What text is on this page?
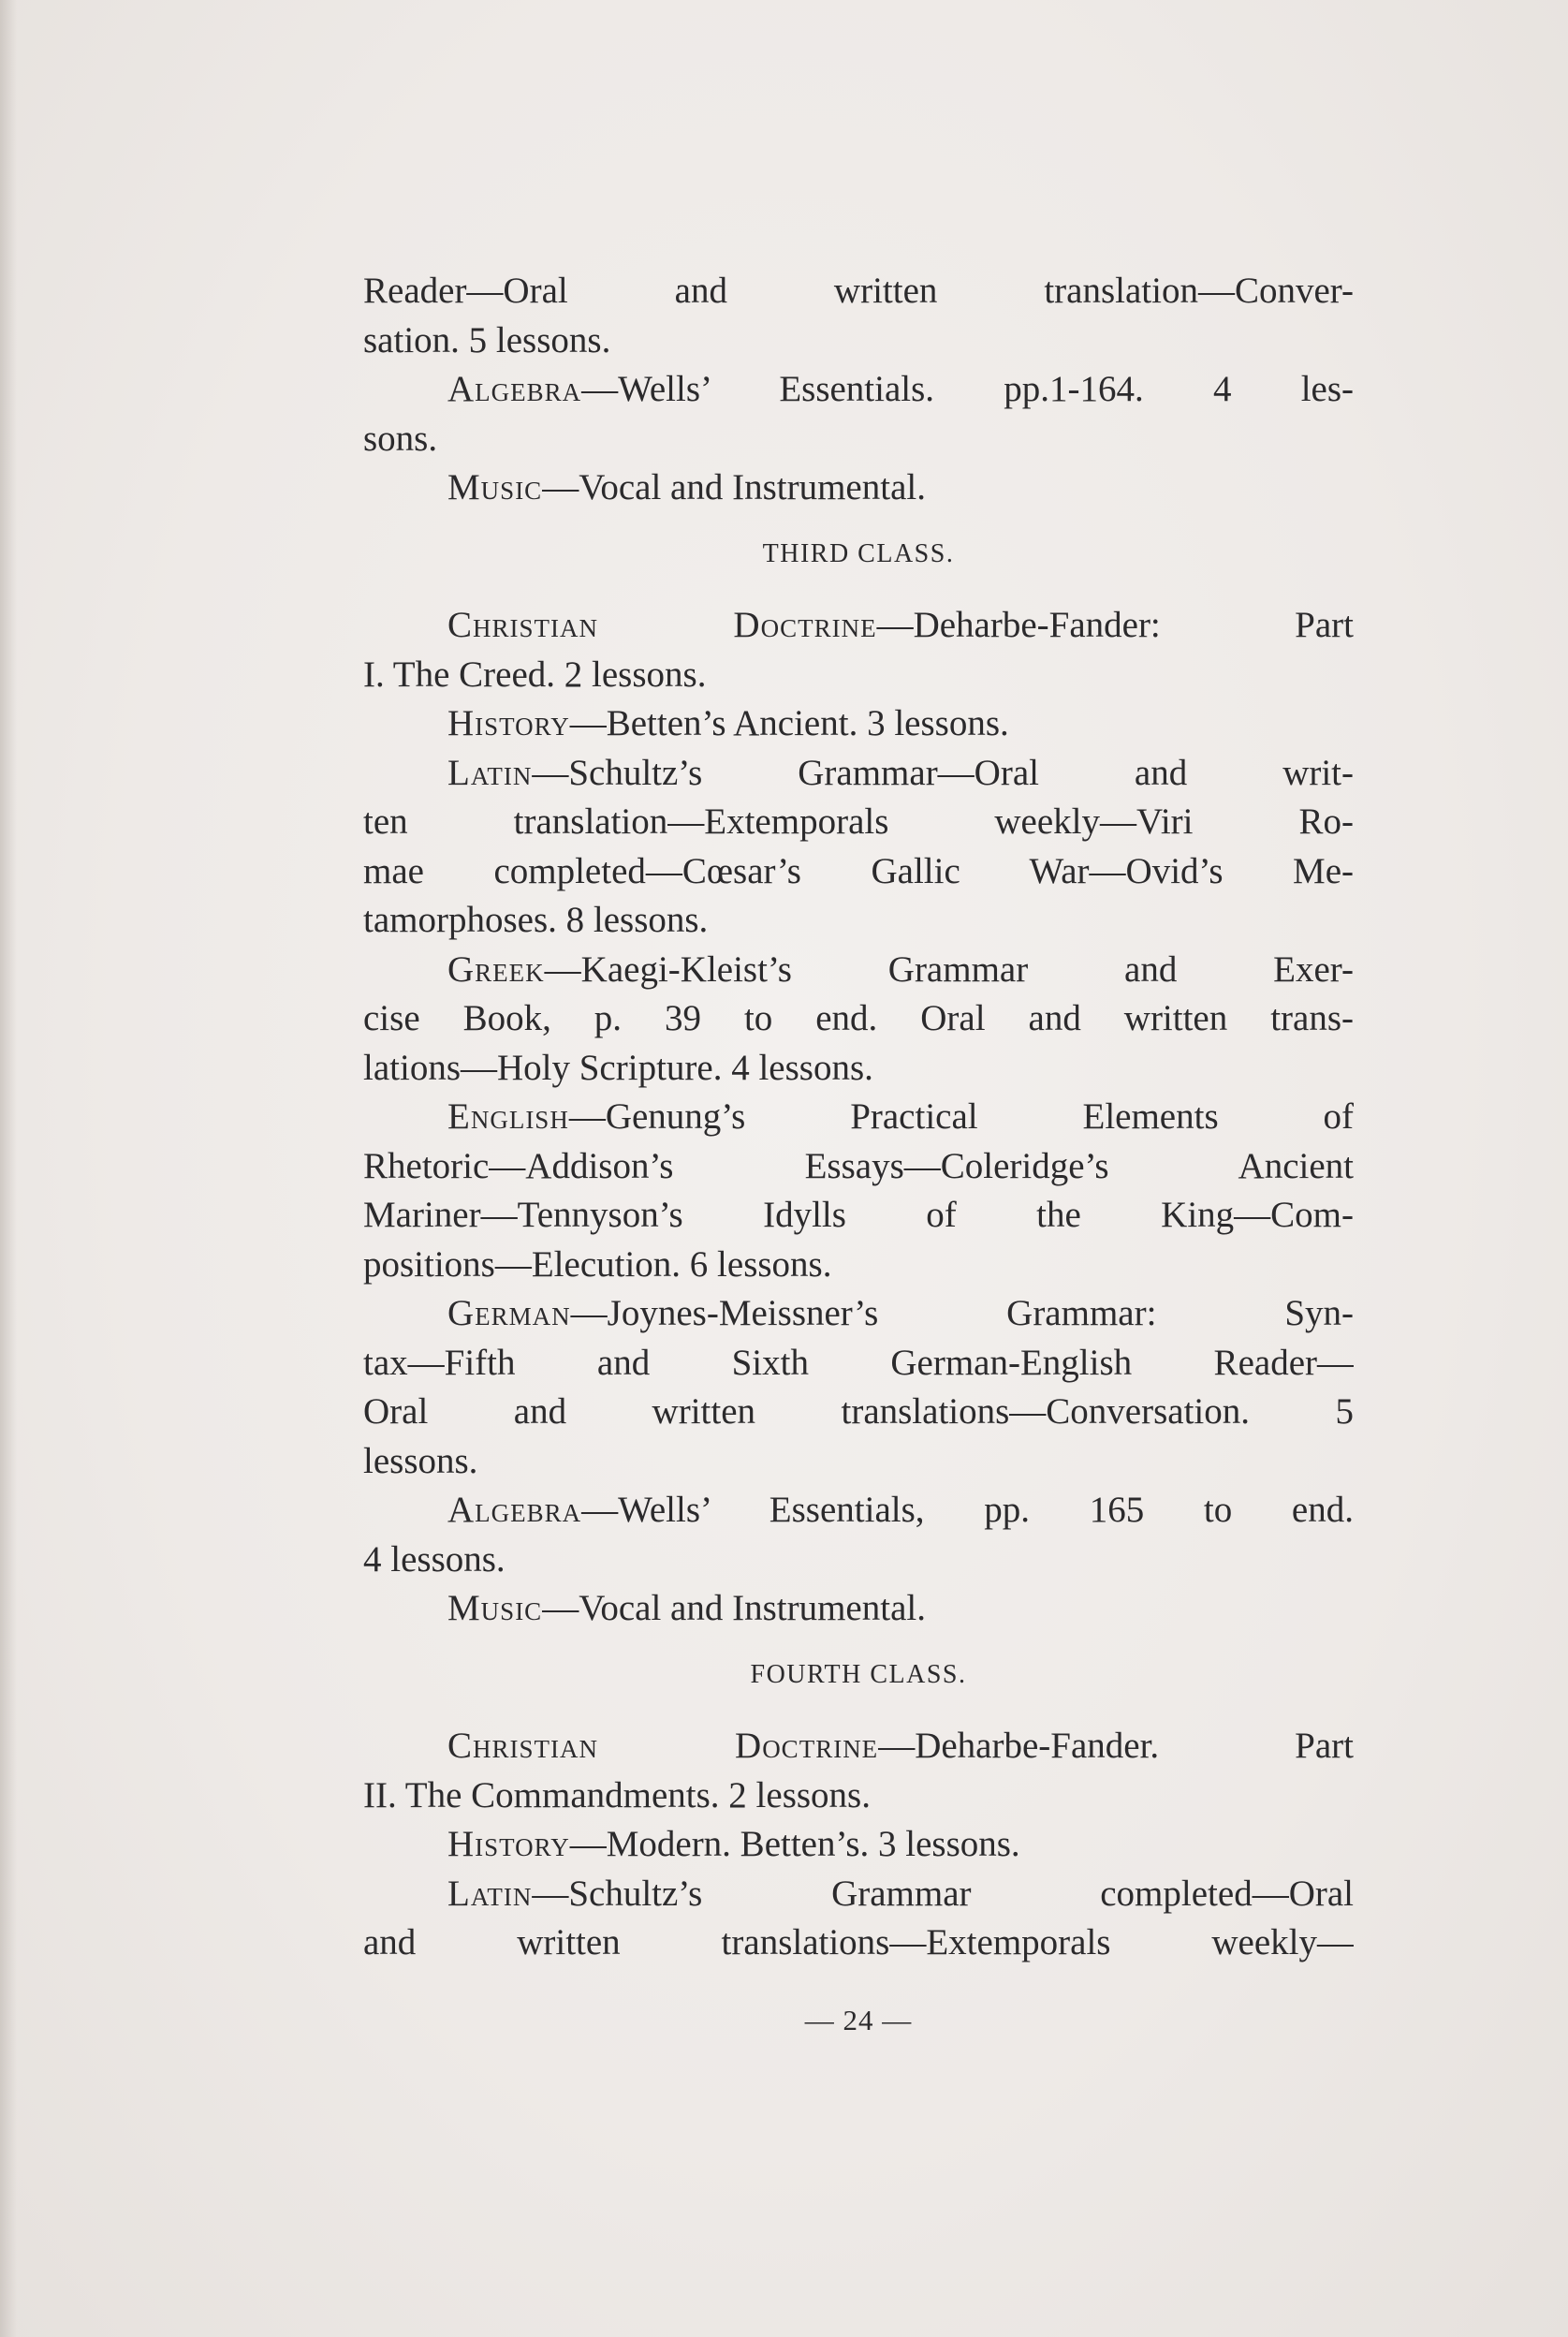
Reader—Oral and written translation—Conver-
sation. 5 lessons.
Algebra—Wells’ Essentials. pp.1-164. 4 les-
sons.
Music—Vocal and Instrumental.
THIRD CLASS.
Christian Doctrine—Deharbe-Fander: Part
I. The Creed. 2 lessons.
History—Betten’s Ancient. 3 lessons.
Latin—Schultz’s Grammar—Oral and writ-
ten translation—Extemporals weekly—Viri Ro-
mae completed—Cœsar’s Gallic War—Ovid’s Me-
tamorphoses. 8 lessons.
Greek—Kaegi-Kleist’s Grammar and Exer-
cise Book, p. 39 to end. Oral and written trans-
lations—Holy Scripture. 4 lessons.
English—Genung’s Practical Elements of
Rhetoric—Addison’s Essays—Coleridge’s Ancient
Mariner—Tennyson’s Idylls of the King—Com-
positions—Elecution. 6 lessons.
German—Joynes-Meissner’s Grammar: Syn-
tax—Fifth and Sixth German-English Reader—
Oral and written translations—Conversation. 5
lessons.
Algebra—Wells’ Essentials, pp. 165 to end.
4 lessons.
Music—Vocal and Instrumental.
FOURTH CLASS.
Christian Doctrine—Deharbe-Fander. Part
II. The Commandments. 2 lessons.
History—Modern. Betten’s. 3 lessons.
Latin—Schultz’s Grammar completed—Oral
and written translations—Extemporals weekly—
— 24 —
